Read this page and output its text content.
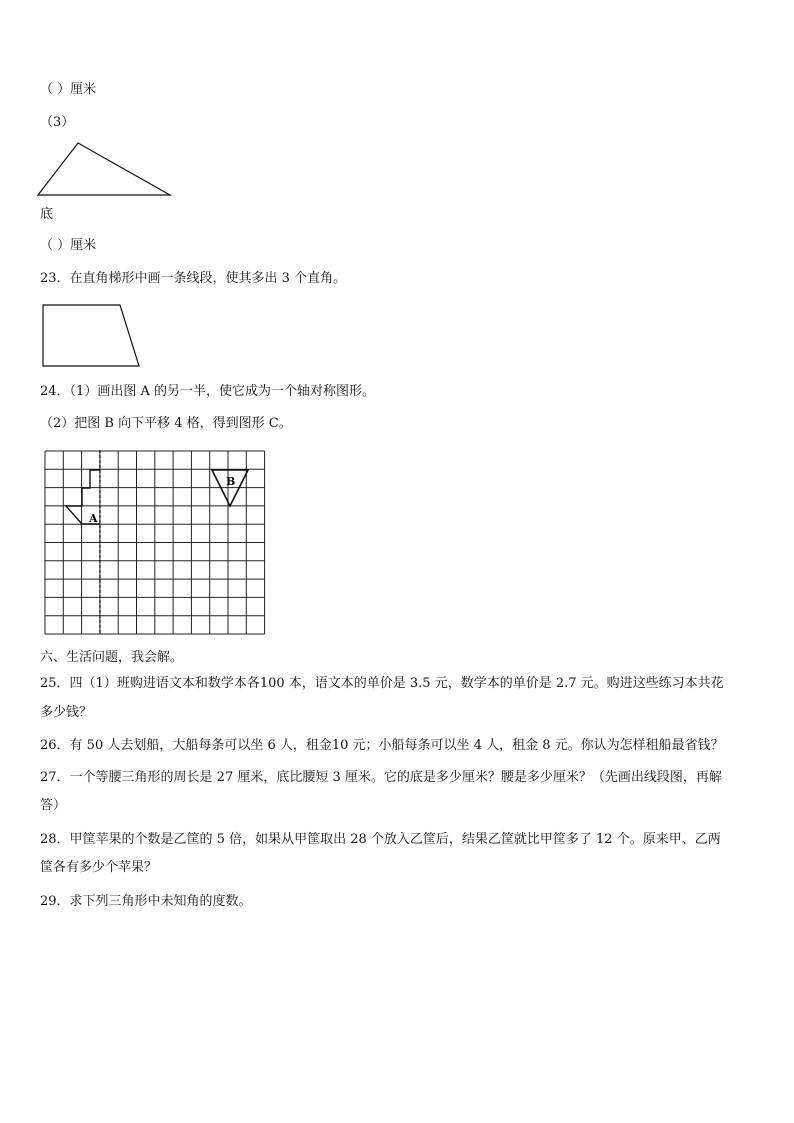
（ ）厘米
（3）
底
（ ）厘米
23．在直角梯形中画一条线段，使其多出 3 个直角。
24．（1）画出图 A 的另一半，使它成为一个轴对称图形。
（2）把图 B 向下平移 4 格，得到图形 C。
A
B
六、生活问题，我会解。
25．四（1）班购进语文本和数学本各100 本，语文本的单价是 3.5 元，数学本的单价是 2.7 元。购进这些练习本共花
多少钱？
26．有 50 人去划船，大船每条可以坐 6 人，租金10 元；小船每条可以坐 4 人，租金 8 元。你认为怎样租船最省钱？
27．一个等腰三角形的周长是 27 厘米，底比腰短 3 厘米。它的底是多少厘米？腰是多少厘米？（先画出线段图，再解
答）
28．甲筐苹果的个数是乙筐的 5 倍，如果从甲筐取出 28 个放入乙筐后，结果乙筐就比甲筐多了 12 个。原来甲、乙两
筐各有多少个苹果？
29．求下列三角形中未知角的度数。
